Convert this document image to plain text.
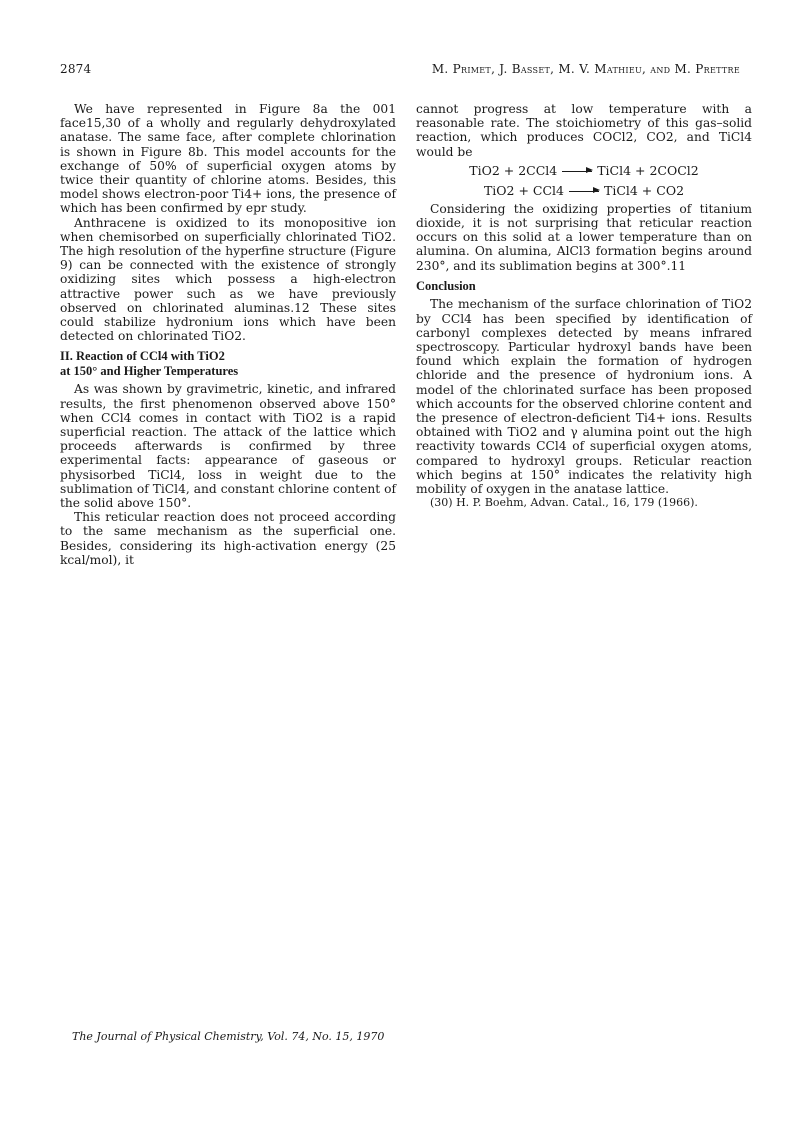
2874	M. Primet, J. Basset, M. V. Mathieu, and M. Prettre

We have represented in Figure 8a the 001 face15,30 of a wholly and regularly dehydroxylated anatase. The same face, after complete chlorination is shown in Figure 8b. This model accounts for the exchange of 50% of superficial oxygen atoms by twice their quantity of chlorine atoms. Besides, this model shows electron-poor Ti4+ ions, the presence of which has been confirmed by epr study.

Anthracene is oxidized to its monopositive ion when chemisorbed on superficially chlorinated TiO2. The high resolution of the hyperfine structure (Figure 9) can be connected with the existence of strongly oxidizing sites which possess a high-electron attractive power such as we have previously observed on chlorinated aluminas.12 These sites could stabilize hydronium ions which have been detected on chlorinated TiO2.

II. Reaction of CCl4 with TiO2
at 150° and Higher Temperatures

As was shown by gravimetric, kinetic, and infrared results, the first phenomenon observed above 150° when CCl4 comes in contact with TiO2 is a rapid superficial reaction. The attack of the lattice which proceeds afterwards is confirmed by three experimental facts: appearance of gaseous or physisorbed TiCl4, loss in weight due to the sublimation of TiCl4, and constant chlorine content of the solid above 150°.

This reticular reaction does not proceed according to the same mechanism as the superficial one. Besides, considering its high-activation energy (25 kcal/mol), it

cannot progress at low temperature with a reasonable rate. The stoichiometry of this gas–solid reaction, which produces COCl2, CO2, and TiCl4 would be

TiO2 + 2CCl4 → TiCl4 + 2COCl2
TiO2 + CCl4 → TiCl4 + CO2

Considering the oxidizing properties of titanium dioxide, it is not surprising that reticular reaction occurs on this solid at a lower temperature than on alumina. On alumina, AlCl3 formation begins around 230°, and its sublimation begins at 300°.11

Conclusion

The mechanism of the surface chlorination of TiO2 by CCl4 has been specified by identification of carbonyl complexes detected by means infrared spectroscopy. Particular hydroxyl bands have been found which explain the formation of hydrogen chloride and the presence of hydronium ions. A model of the chlorinated surface has been proposed which accounts for the observed chlorine content and the presence of electron-deficient Ti4+ ions. Results obtained with TiO2 and γ alumina point out the high reactivity towards CCl4 of superficial oxygen atoms, compared to hydroxyl groups. Reticular reaction which begins at 150° indicates the relativity high mobility of oxygen in the anatase lattice.

(30) H. P. Boehm, Advan. Catal., 16, 179 (1966).

The Journal of Physical Chemistry, Vol. 74, No. 15, 1970
